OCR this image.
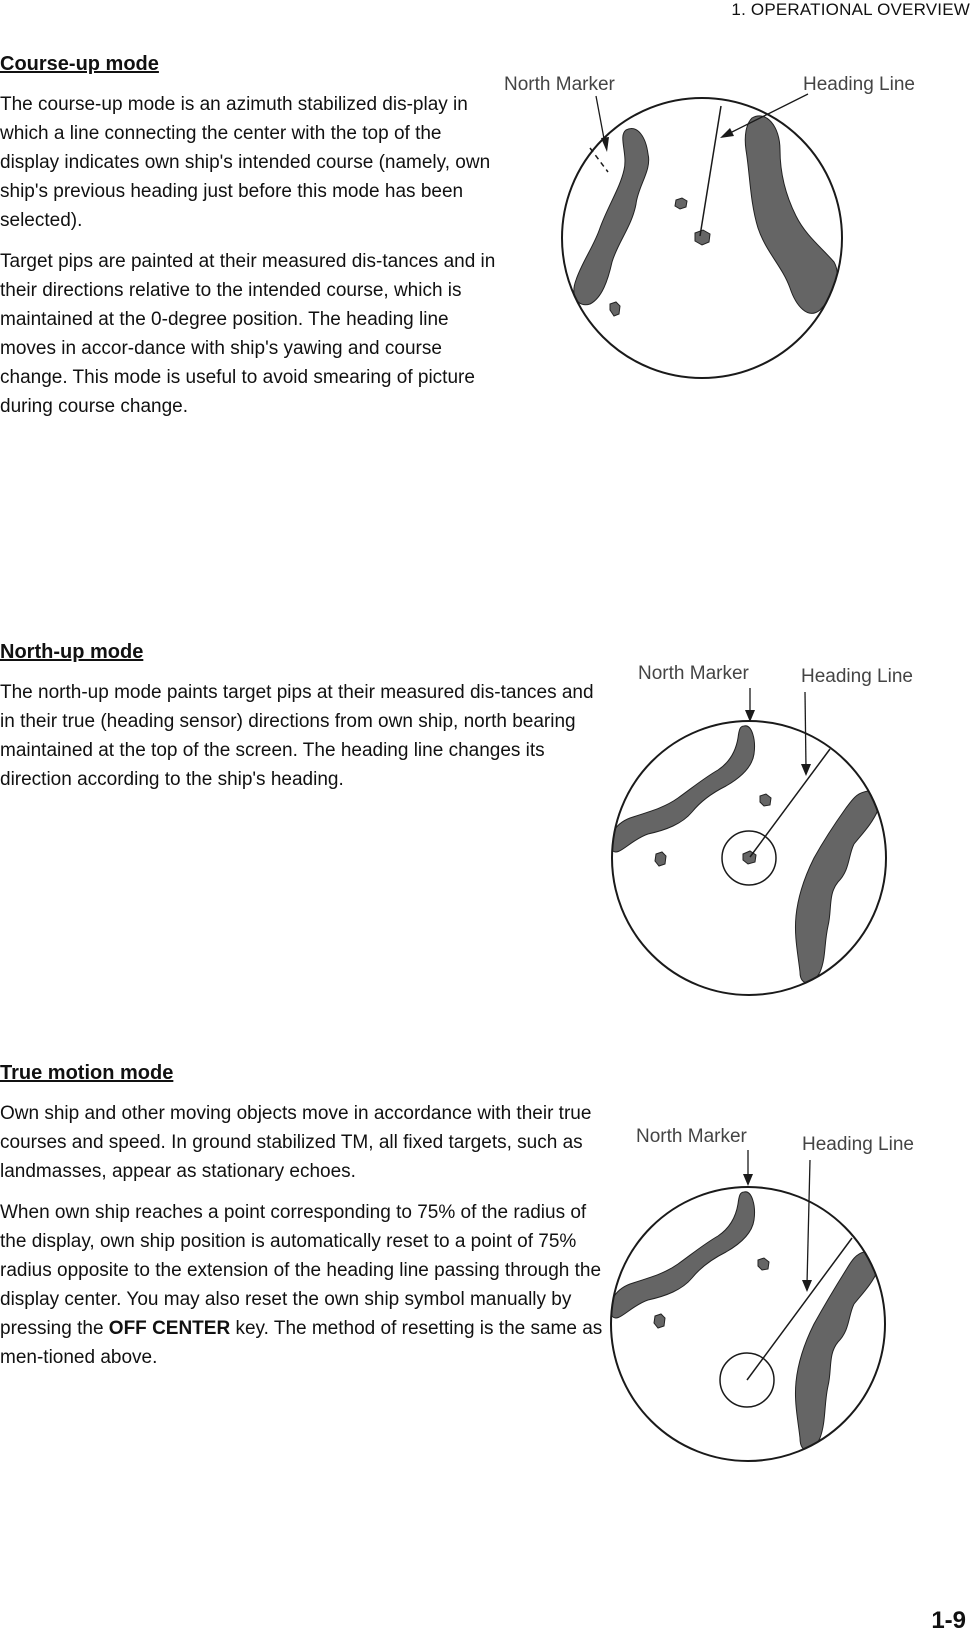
1. OPERATIONAL OVERVIEW
Course-up mode

The course-up mode is an azimuth stabilized dis-play in which a line connecting the center with the top of the display indicates own ship's intended course (namely, own ship's previous heading just before this mode has been selected).

Target pips are painted at their measured dis-tances and in their directions relative to the intended course, which is maintained at the 0-degree position. The heading line moves in accor-dance with ship's yawing and course change. This mode is useful to avoid smearing of picture during course change.

North Marker	Heading Line
North-up mode

The north-up mode paints target pips at their measured dis-tances and in their true (heading sensor) directions from own ship, north bearing maintained at the top of the screen. The heading line changes its direction according to the ship's heading.

North Marker	Heading Line
True motion mode

Own ship and other moving objects move in accordance with their true courses and speed. In ground stabilized TM, all fixed targets, such as landmasses, appear as stationary echoes.

When own ship reaches a point corresponding to 75% of the radius of the display, own ship position is automatically reset to a point of 75% radius opposite to the extension of the heading line passing through the display center. You may also reset the own ship symbol manually by pressing the OFF CENTER key. The method of resetting is the same as men-tioned above.

North Marker	Heading Line
1-9
